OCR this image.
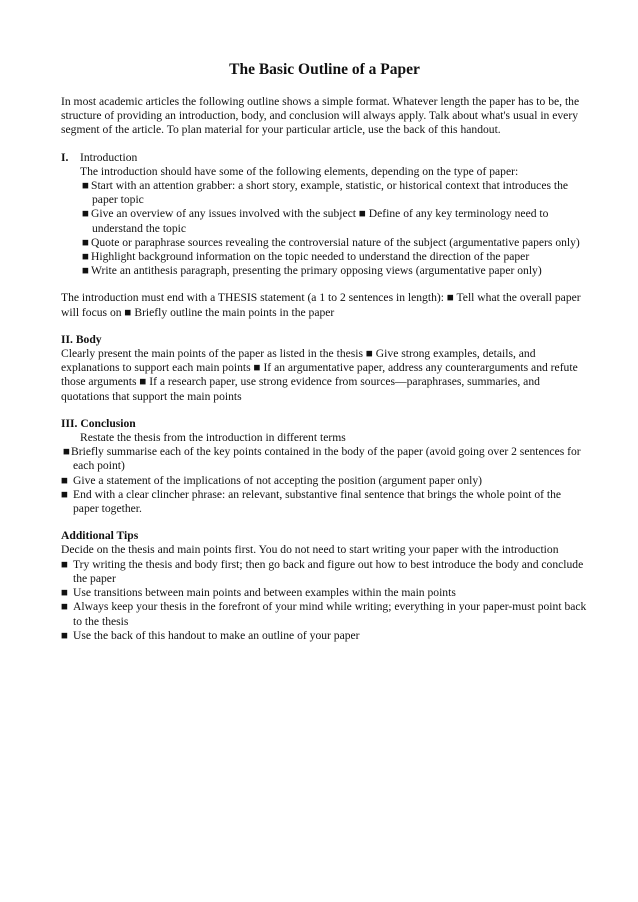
The Basic Outline of a Paper

In most academic articles the following outline shows a simple format. Whatever length the paper has to be, the structure of providing an introduction, body, and conclusion will always apply. Talk about what's usual in every segment of the article. To plan material for your particular article, use the back of this handout.

I. Introduction

The introduction should have some of the following elements, depending on the type of paper:

■ Start with an attention grabber: a short story, example, statistic, or historical context that introduces the paper topic

■ Give an overview of any issues involved with the subject ■ Define of any key terminology need to understand the topic

■ Quote or paraphrase sources revealing the controversial nature of the subject (argumentative papers only)

■ Highlight background information on the topic needed to understand the direction of the paper

■ Write an antithesis paragraph, presenting the primary opposing views (argumentative paper only)

The introduction must end with a THESIS statement (a 1 to 2 sentences in length): ■ Tell what the overall paper will focus on ■ Briefly outline the main points in the paper

II. Body

Clearly present the main points of the paper as listed in the thesis ■ Give strong examples, details, and explanations to support each main points ■ If an argumentative paper, address any counterarguments and refute those arguments ■ If a research paper, use strong evidence from sources—paraphrases, summaries, and quotations that support the main points

III. Conclusion

Restate the thesis from the introduction in different terms

■Briefly summarise each of the key points contained in the body of the paper (avoid going over 2 sentences for each point)

■ Give a statement of the implications of not accepting the position (argument paper only)

■ End with a clear clincher phrase: an relevant, substantive final sentence that brings the whole point of the paper together.

Additional Tips

Decide on the thesis and main points first. You do not need to start writing your paper with the introduction

■ Try writing the thesis and body first; then go back and figure out how to best introduce the body and conclude the paper

■ Use transitions between main points and between examples within the main points

■ Always keep your thesis in the forefront of your mind while writing; everything in your paper-must point back to the thesis

■ Use the back of this handout to make an outline of your paper
